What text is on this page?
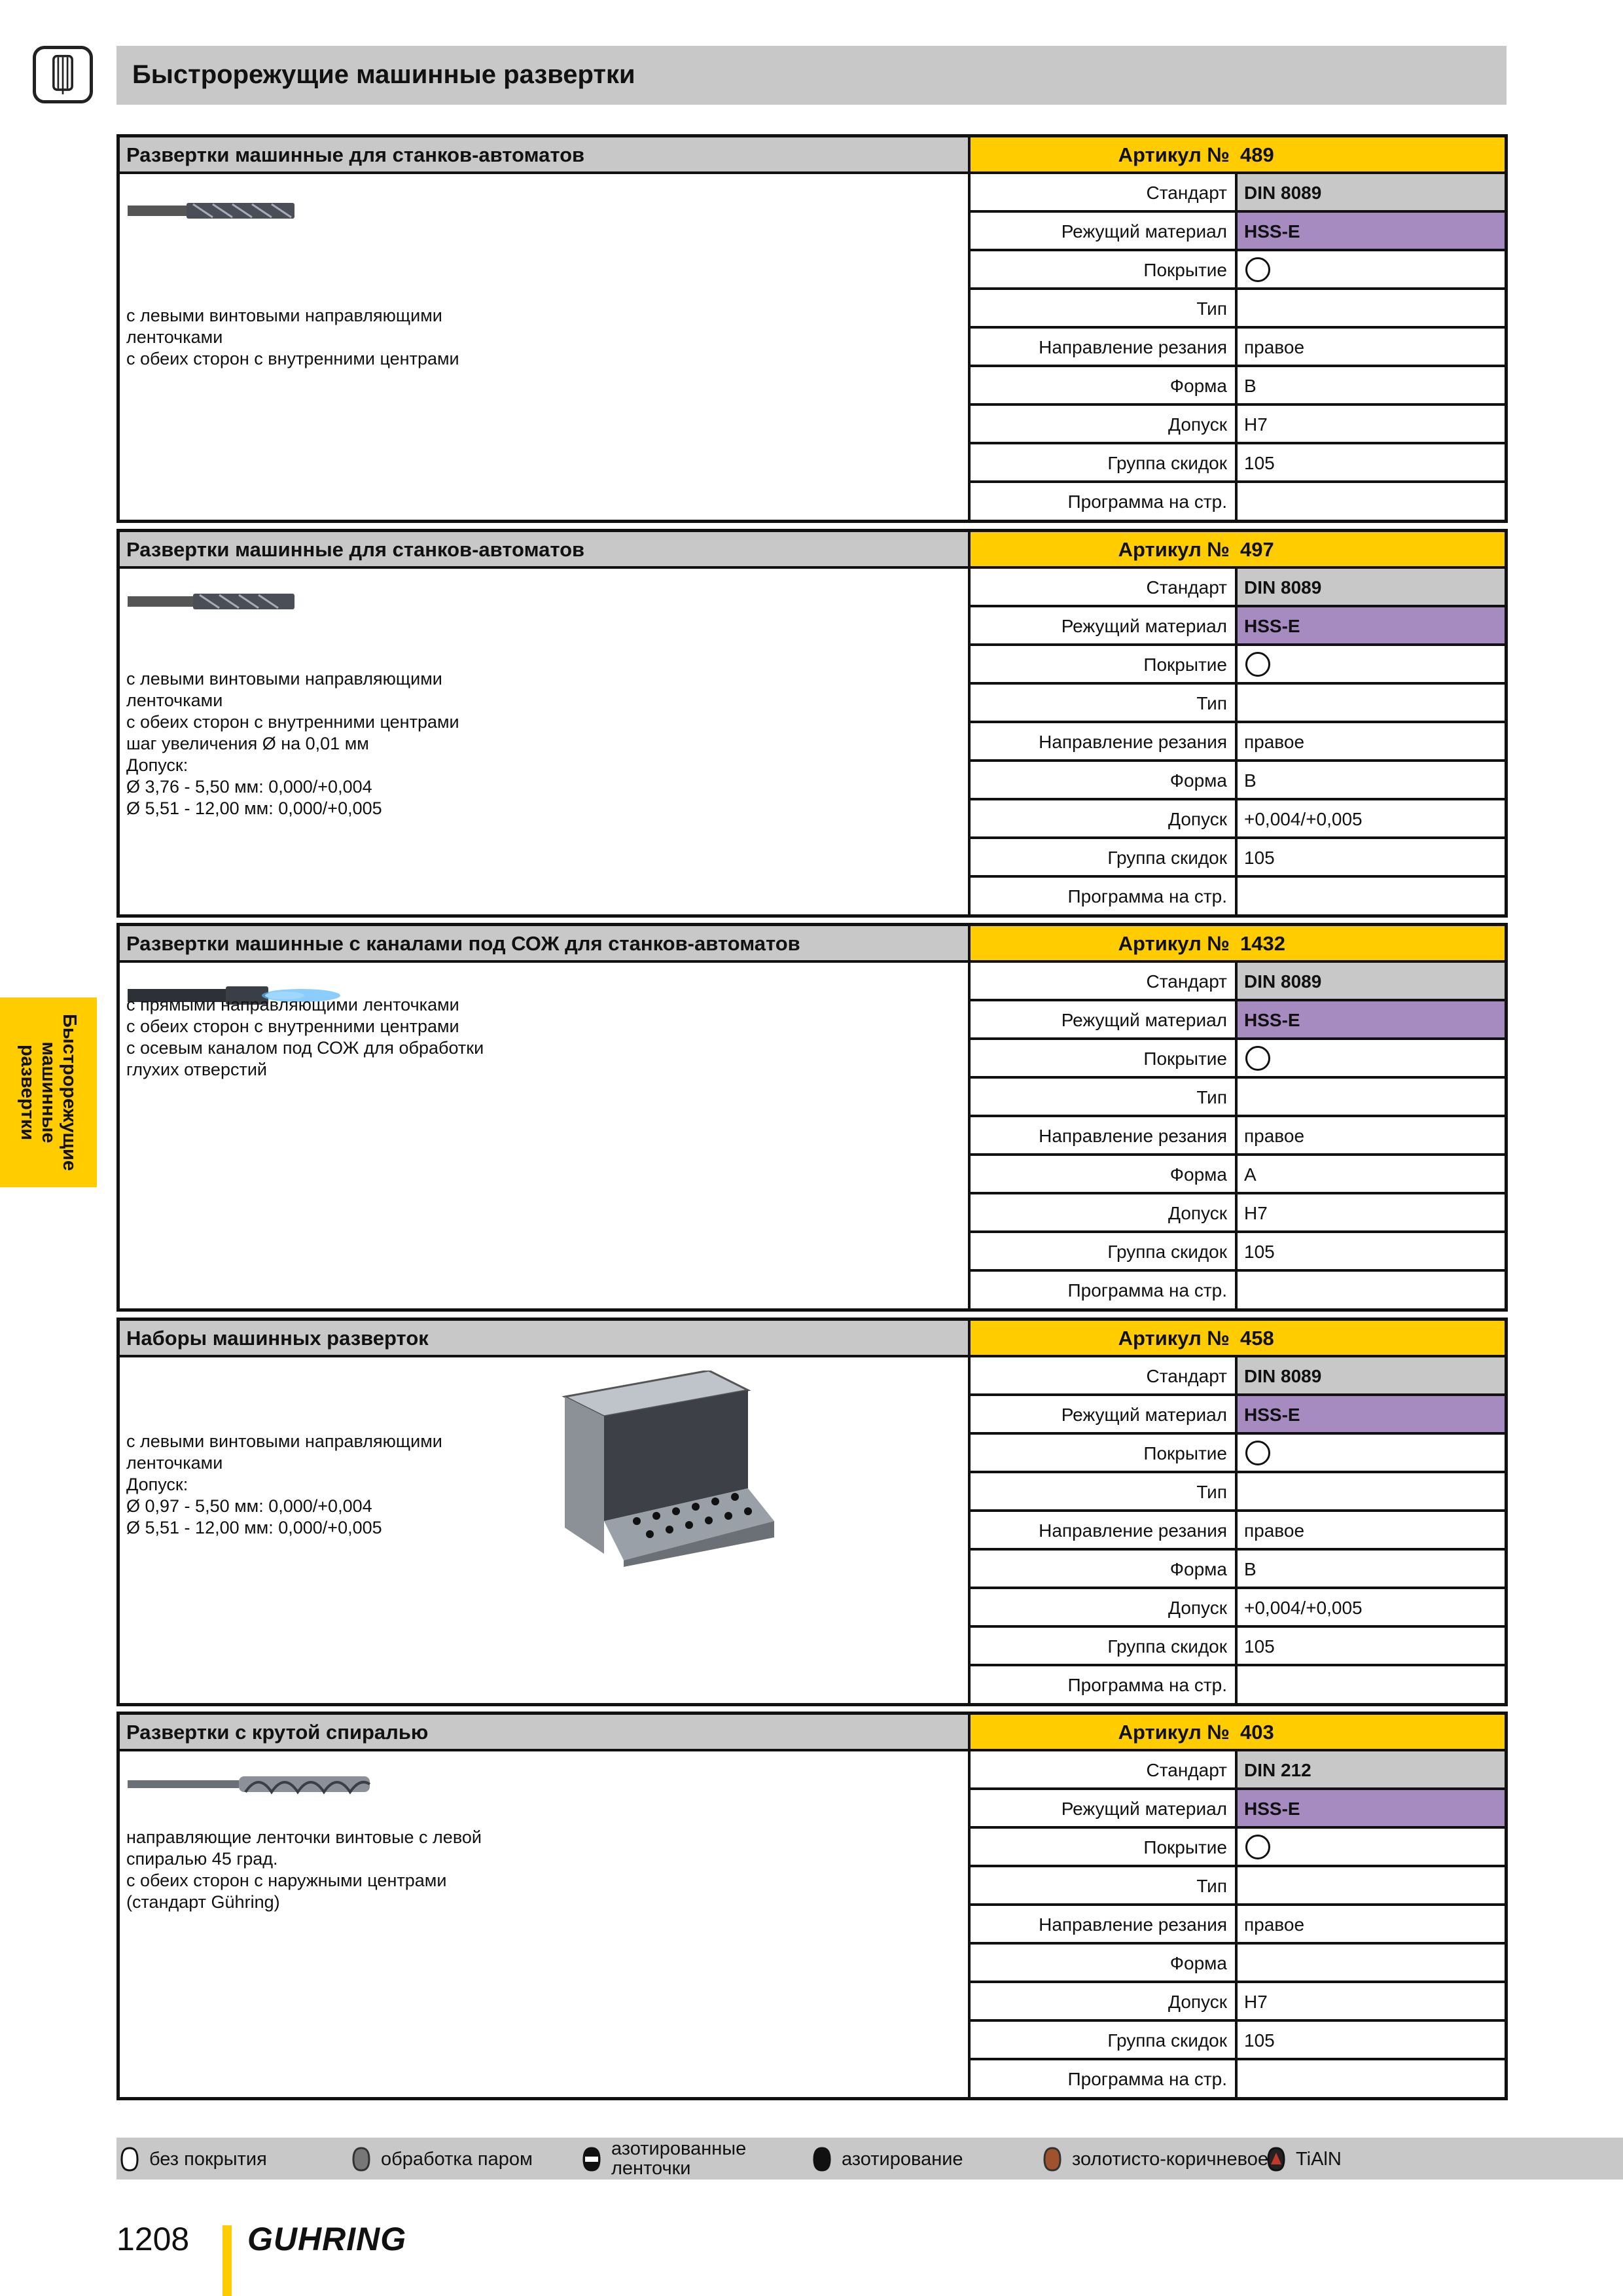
Быстрорежущие машинные развертки
Развертки машинные для станков-автоматов	Артикул № 489
с левыми винтовыми направляющими
ленточками
с обеих сторон с внутренними центрами
Стандарт DIN 8089
Режущий материал HSS-E
Покрытие
Тип
Направление резания правое
Форма B
Допуск H7
Группа скидок 105
Программа на стр.
Развертки машинные для станков-автоматов	Артикул № 497
с левыми винтовыми направляющими
ленточками
с обеих сторон с внутренними центрами
шаг увеличения Ø на 0,01 мм
Допуск:
Ø 3,76 - 5,50 мм: 0,000/+0,004
Ø 5,51 - 12,00 мм: 0,000/+0,005
Стандарт DIN 8089
Режущий материал HSS-E
Покрытие
Тип
Направление резания правое
Форма B
Допуск +0,004/+0,005
Группа скидок 105
Программа на стр.
Развертки машинные с каналами под СОЖ для станков-автоматов	Артикул № 1432
с прямыми направляющими ленточками
с обеих сторон с внутренними центрами
с осевым каналом под СОЖ для обработки
глухих отверстий
Стандарт DIN 8089
Режущий материал HSS-E
Покрытие
Тип
Направление резания правое
Форма A
Допуск H7
Группа скидок 105
Программа на стр.
Наборы машинных разверток	Артикул № 458
с левыми винтовыми направляющими
ленточками
Допуск:
Ø 0,97 - 5,50 мм: 0,000/+0,004
Ø 5,51 - 12,00 мм: 0,000/+0,005
Стандарт DIN 8089
Режущий материал HSS-E
Покрытие
Тип
Направление резания правое
Форма B
Допуск +0,004/+0,005
Группа скидок 105
Программа на стр.
Развертки с крутой спиралью	Артикул № 403
направляющие ленточки винтовые с левой
спиралью 45 град.
с обеих сторон с наружными центрами
(стандарт Gühring)
Стандарт DIN 212
Режущий материал HSS-E
Покрытие
Тип
Направление резания правое
Форма
Допуск H7
Группа скидок 105
Программа на стр.
Быстрорежущие
машинные
развертки
без покрытия	обработка паром	азотированные
ленточки	азотирование	золотисто-коричневое TiAlN
1208 GUHRING
